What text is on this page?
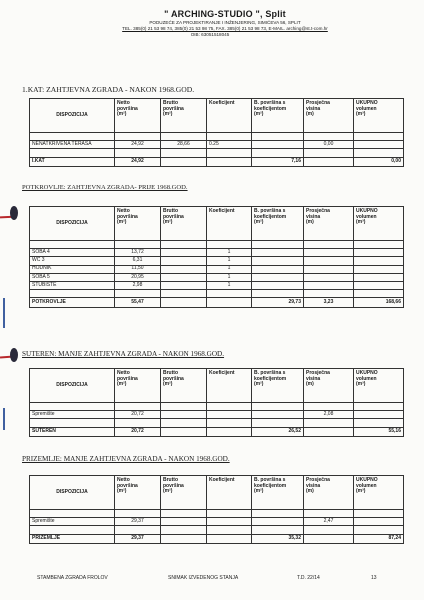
" ARCHING-STUDIO ", Split
PODUZEĆE ZA PROJEKTIRANJE I INŽENJERING, SIMIĆEVA 56, SPLIT
TEL. 385(0) 21 53 98 74, 385(0) 21 53 98 75, FAX. 385(0) 21 53 98 73, E-MAIL. arching@st.t-com.hr
OIB: 63051518045
1.KAT: ZAHTJEVNA ZGRADA - NAKON 1968.GOD.
DISPOZICIJA	Netto
površina
(m²)	Brutto
površina
(m²)	Koeficijent	B. površina s
koeficijentom
(m²)	Prosječna
visina
(m)	UKUPNO
volumen
(m³)

NENATKRIVENA TERASA	24,92	28,66	0.25		0,00	

I.KAT	24,92			7,16		0,00
POTKROVLJE: ZAHTJEVNA ZGRADA- PRIJE 1968.GOD.
DISPOZICIJA	Netto
površina
(m²)	Brutto
površina
(m²)	Koeficijent	B. površina s
koeficijentom
(m²)	Prosječna
visina
(m)	UKUPNO
volumen
(m³)

SOBA 4	13,72		1			
WC 3	6,31		1			
HODNIK	11,50		1			
SOBA 5	20,95		1			
STUBIŠTE	2,98		1			

POTKROVLJE	55,47			29,73	3,23	168,66
SUTEREN: MANJE ZAHTJEVNA ZGRADA - NAKON 1968.GOD.
DISPOZICIJA	Netto
površina
(m²)	Brutto
površina
(m²)	Koeficijent	B. površina s
koeficijentom
(m²)	Prosječna
visina
(m)	UKUPNO
volumen
(m³)

Spremište	20,72				2,08	

SUTEREN	20,72			26,52		55,16
PRIZEMLJE: MANJE ZAHTJEVNA ZGRADA - NAKON 1968.GOD.
DISPOZICIJA	Netto
površina
(m²)	Brutto
površina
(m²)	Koeficijent	B. površina s
koeficijentom
(m²)	Prosječna
visina
(m)	UKUPNO
volumen
(m³)

Spremište	29,37				2,47	

PRIZEMLJE	29,37			35,32		87,24
STAMBENA ZGRADA FROLOV	SNIMAK IZVEDENOG STANJA	T.D. 22/14	13
